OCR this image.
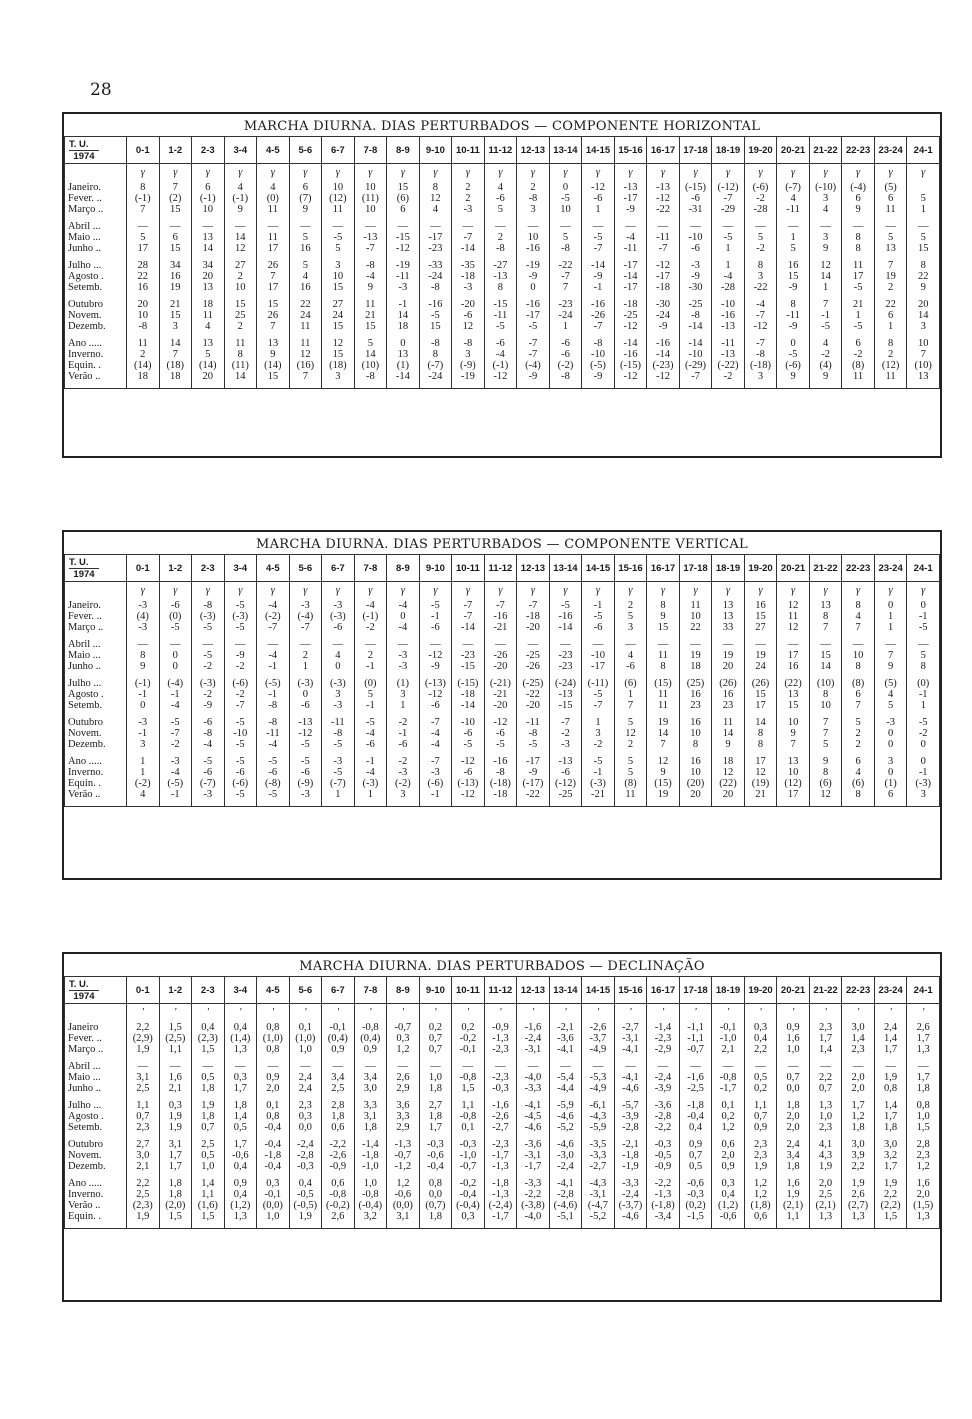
28
MARCHA DIURNA. DIAS PERTURBADOS — COMPONENTE HORIZONTAL
T. U.
1974	0-1	1-2	2-3	3-4	4-5	5-6	6-7	7-8	8-9	9-10	10-11	11-12	12-13	13-14	14-15	15-16	16-17	17-18	18-19	19-20	20-21	21-22	22-23	23-24	24-1
	γ	γ	γ	γ	γ	γ	γ	γ	γ	γ	γ	γ	γ	γ	γ	γ	γ	γ	γ	γ	γ	γ	γ	γ	γ
Janeiro.	8	7	6	4	4	6	10	10	15	8	2	4	2	0	-12	-13	-13	(-15)	(-12)	(-6)	(-7)	(-10)	(-4)	(5)	
Fever. ..	(-1)	(2)	(-1)	(-1)	(0)	(7)	(12)	(11)	(6)	12	2	-6	-8	-5	-6	-17	-12	-6	-7	-2	4	3	6	6	5
Março ..	7	15	10	9	11	9	11	10	6	4	-3	5	3	10	1	-9	-22	-31	-29	-28	-11	4	9	11	1

Abril ...	—	—	—	—	—	—	—	—	—	—	—	—	—	—	—	—	—	—	—	—	—	—	—	—	—
Maio ...	5	6	13	14	11	5	-5	-13	-15	-17	-7	2	10	5	-5	-4	-11	-10	-5	5	1	3	8	5	5
Junho ..	17	15	14	12	17	16	5	-7	-12	-23	-14	-8	-16	-8	-7	-11	-7	-6	1	-2	5	9	8	13	15

Julho ...	28	34	34	27	26	5	3	-8	-19	-33	-35	-27	-19	-22	-14	-17	-12	-3	1	8	16	12	11	7	8
Agosto .	22	16	20	2	7	4	10	-4	-11	-24	-18	-13	-9	-7	-9	-14	-17	-9	-4	3	15	14	17	19	22
Setemb.	16	19	13	10	17	16	15	9	-3	-8	-3	8	0	7	-1	-17	-18	-30	-28	-22	-9	1	-5	2	9

Outubro	20	21	18	15	15	22	27	11	-1	-16	-20	-15	-16	-23	-16	-18	-30	-25	-10	-4	8	7	21	22	20
Novem.	10	15	11	25	26	24	24	21	14	-5	-6	-11	-17	-24	-26	-25	-24	-8	-16	-7	-11	-1	1	6	14
Dezemb.	-8	3	4	2	7	11	15	15	18	15	12	-5	-5	1	-7	-12	-9	-14	-13	-12	-9	-5	-5	1	3

Ano .....	11	14	13	11	13	11	12	5	0	-8	-8	-6	-7	-6	-8	-14	-16	-14	-11	-7	0	4	6	8	10
Inverno.	2	7	5	8	9	12	15	14	13	8	3	-4	-7	-6	-10	-16	-14	-10	-13	-8	-5	-2	-2	2	7
Equin. .	(14)	(18)	(14)	(11)	(14)	(16)	(18)	(10)	(1)	(-7)	(-9)	(-1)	(-4)	(-2)	(-5)	(-15)	(-23)	(-29)	(-22)	(-18)	(-6)	(4)	(8)	(12)	(10)
Verão ..	18	18	20	14	15	7	3	-8	-14	-24	-19	-12	-9	-8	-9	-12	-12	-7	-2	3	9	9	11	11	13

MARCHA DIURNA. DIAS PERTURBADOS — COMPONENTE VERTICAL
T. U.
1974	0-1	1-2	2-3	3-4	4-5	5-6	6-7	7-8	8-9	9-10	10-11	11-12	12-13	13-14	14-15	15-16	16-17	17-18	18-19	19-20	20-21	21-22	22-23	23-24	24-1
	γ	γ	γ	γ	γ	γ	γ	γ	γ	γ	γ	γ	γ	γ	γ	γ	γ	γ	γ	γ	γ	γ	γ	γ	γ
Janeiro.	-3	-6	-8	-5	-4	-3	-3	-4	-4	-5	-7	-7	-7	-5	-1	2	8	11	13	16	12	13	8	0	0
Fever. ..	(4)	(0)	(-3)	(-3)	(-2)	(-4)	(-3)	(-1)	0	-1	-7	-16	-18	-16	-5	5	9	10	13	15	11	8	4	1	-1
Março ..	-3	-5	-5	-5	-7	-7	-6	-2	-4	-6	-14	-21	-20	-14	-6	3	15	22	33	27	12	7	7	1	-5

Abril ...	—	—	—	—	—	—	—	—	—	—	—	—	—	—	—	—	—	—	—	—	—	—	—	—	—
Maio ...	8	0	-5	-9	-4	2	4	2	-3	-12	-23	-26	-25	-23	-10	4	11	19	19	19	17	15	10	7	5
Junho ..	9	0	-2	-2	-1	1	0	-1	-3	-9	-15	-20	-26	-23	-17	-6	8	18	20	24	16	14	8	9	8

Julho ...	(-1)	(-4)	(-3)	(-6)	(-5)	(-3)	(-3)	(0)	(1)	(-13)	(-15)	(-21)	(-25)	(-24)	(-11)	(6)	(15)	(25)	(26)	(26)	(22)	(10)	(8)	(5)	(0)
Agosto .	-1	-1	-2	-2	-1	0	3	5	3	-12	-18	-21	-22	-13	-5	1	11	16	16	15	13	8	6	4	-1
Setemb.	0	-4	-9	-7	-8	-6	-3	-1	1	-6	-14	-20	-20	-15	-7	7	11	23	23	17	15	10	7	5	1

Outubro	-3	-5	-6	-5	-8	-13	-11	-5	-2	-7	-10	-12	-11	-7	1	5	19	16	11	14	10	7	5	-3	-5
Novem.	-1	-7	-8	-10	-11	-12	-8	-4	-1	-4	-6	-6	-8	-2	3	12	14	10	14	8	9	7	2	0	-2
Dezemb.	3	-2	-4	-5	-4	-5	-5	-6	-6	-4	-5	-5	-5	-3	-2	2	7	8	9	8	7	5	2	0	0

Ano .....	1	-3	-5	-5	-5	-5	-3	-1	-2	-7	-12	-16	-17	-13	-5	5	12	16	18	17	13	9	6	3	0
Inverno.	1	-4	-6	-6	-6	-6	-5	-4	-3	-3	-6	-8	-9	-6	-1	5	9	10	12	12	10	8	4	0	-1
Equin. .	(-2)	(-5)	(-7)	(-6)	(-8)	(-9)	(-7)	(-3)	(-2)	(-6)	(-13)	(-18)	(-17)	(-12)	(-3)	(8)	(15)	(20)	(22)	(19)	(12)	(6)	(6)	(1)	(-3)
Verão ..	4	-1	-3	-5	-5	-3	1	1	3	-1	-12	-18	-22	-25	-21	11	19	20	20	21	17	12	8	6	3

MARCHA DIURNA. DIAS PERTURBADOS — DECLINAÇÃO
T. U.
1974	0-1	1-2	2-3	3-4	4-5	5-6	6-7	7-8	8-9	9-10	10-11	11-12	12-13	13-14	14-15	15-16	16-17	17-18	18-19	19-20	20-21	21-22	22-23	23-24	24-1
	'	'	'	'	'	'	'	'	'	'	'	'	'	'	'	'	'	'	'	'	'	'	'	'	'
Janeiro	2,2	1,5	0,4	0,4	0,8	0,1	-0,1	-0,8	-0,7	0,2	0,2	-0,9	-1,6	-2,1	-2,6	-2,7	-1,4	-1,1	-0,1	0,3	0,9	2,3	3,0	2,4	2,6
Fever. ..	(2,9)	(2,5)	(2,3)	(1,4)	(1,0)	(1,0)	(0,4)	(0,4)	0,3	0,7	-0,2	-1,3	-2,4	-3,6	-3,7	-3,1	-2,3	-1,1	-1,0	0,4	1,6	1,7	1,4	1,4	1,7
Março ..	1,9	1,1	1,5	1,3	0,8	1,0	0,9	0,9	1,2	0,7	-0,1	-2,3	-3,1	-4,1	-4,9	-4,1	-2,9	-0,7	2,1	2,2	1,0	1,4	2,3	1,7	1,3

Abril ...	—	—	—	—	—	—	—	—	—	—	—	—	—	—	—	—	—	—	—	—	—	—	—	—	—
Maio ...	3,1	1,6	0,5	0,3	0,9	2,4	3,4	3,4	2,6	1,0	-0,8	-2,3	-4,0	-5,4	-5,3	-4,1	-2,4	-1,6	-0,8	0,5	0,7	2,2	2,0	1,9	1,7
Junho ..	2,5	2,1	1,8	1,7	2,0	2,4	2,5	3,0	2,9	1,8	1,5	-0,3	-3,3	-4,4	-4,9	-4,6	-3,9	-2,5	-1,7	0,2	0,0	0,7	2,0	0,8	1,8

Julho ...	1,1	0,3	1,9	1,8	0,1	2,3	2,8	3,3	3,6	2,7	1,1	-1,6	-4,1	-5,9	-6,1	-5,7	-3,6	-1,8	0,1	1,1	1,8	1,3	1,7	1,4	0,8
Agosto .	0,7	1,9	1,8	1,4	0,8	0,3	1,8	3,1	3,3	1,8	-0,8	-2,6	-4,5	-4,6	-4,3	-3,9	-2,8	-0,4	0,2	0,7	2,0	1,0	1,2	1,7	1,0
Setemb.	2,3	1,9	0,7	0,5	-0,4	0,0	0,6	1,8	2,9	1,7	0,1	-2,7	-4,6	-5,2	-5,9	-2,8	-2,2	0,4	1,2	0,9	2,0	2,3	1,8	1,8	1,5

Outubro	2,7	3,1	2,5	1,7	-0,4	-2,4	-2,2	-1,4	-1,3	-0,3	-0,3	-2,3	-3,6	-4,6	-3,5	-2,1	-0,3	0,9	0,6	2,3	2,4	4,1	3,0	3,0	2,8
Novem.	3,0	1,7	0,5	-0,6	-1,8	-2,8	-2,6	-1,8	-0,7	-0,6	-1,0	-1,7	-3,1	-3,0	-3,3	-1,8	-0,5	0,7	2,0	2,3	3,4	4,3	3,9	3,2	2,3
Dezemb.	2,1	1,7	1,0	0,4	-0,4	-0,3	-0,9	-1,0	-1,2	-0,4	-0,7	-1,3	-1,7	-2,4	-2,7	-1,9	-0,9	0,5	0,9	1,9	1,8	1,9	2,2	1,7	1,2

Ano .....	2,2	1,8	1,4	0,9	0,3	0,4	0,6	1,0	1,2	0,8	-0,2	-1,8	-3,3	-4,1	-4,3	-3,3	-2,2	-0,6	0,3	1,2	1,6	2,0	1,9	1,9	1,6
Inverno.	2,5	1,8	1,1	0,4	-0,1	-0,5	-0,8	-0,8	-0,6	0,0	-0,4	-1,3	-2,2	-2,8	-3,1	-2,4	-1,3	-0,3	0,4	1,2	1,9	2,5	2,6	2,2	2,0
Verão ..	(2,3)	(2,0)	(1,6)	(1,2)	(0,0)	(-0,5)	(-0,2)	(-0,4)	(0,0)	(0,7)	(-0,4)	(-2,4)	(-3,8)	(-4,6)	(-4,7	(-3,7)	(-1,8)	(0,2)	(1,2)	(1,8)	(2,1)	(2,1)	(2,7)	(2,2)	(1,5)
Equin. .	1,9	1,5	1,5	1,3	1,0	1,9	2,6	3,2	3,1	1,8	0,3	-1,7	-4,0	-5,1	-5,2	-4,6	-3,4	-1,5	-0,6	0,6	1,1	1,3	1,3	1,5	1,3
